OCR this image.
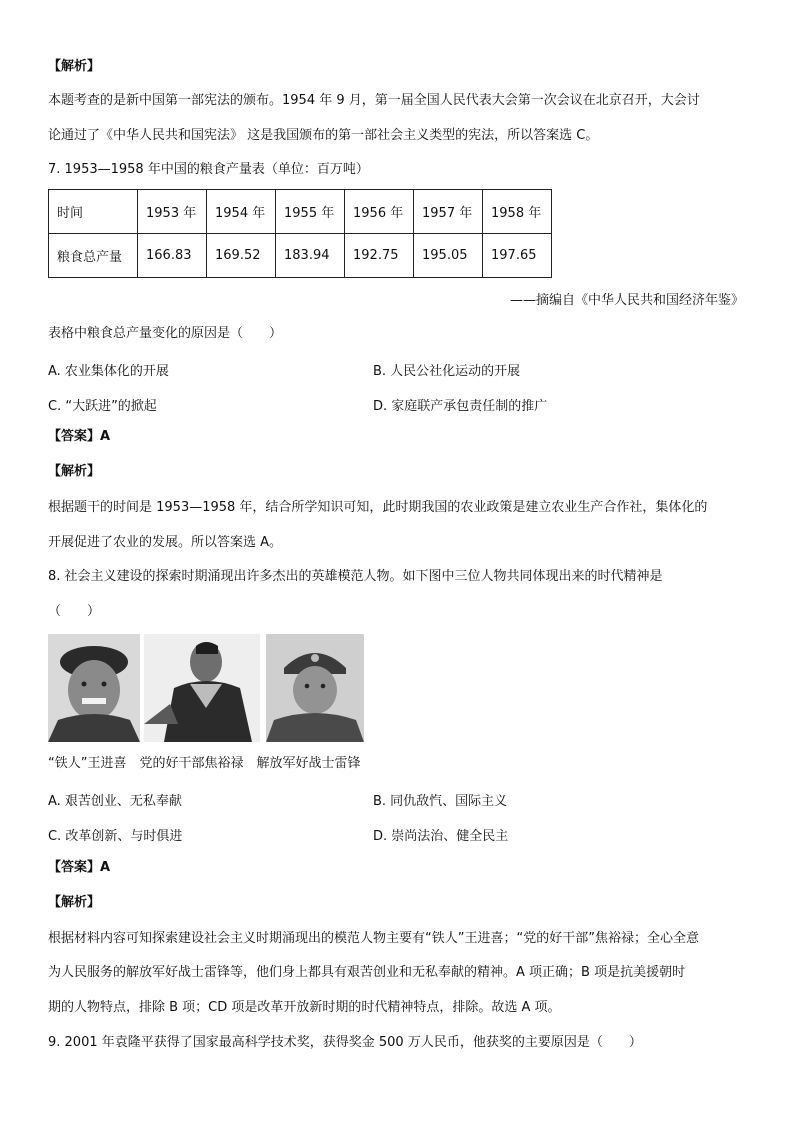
【解析】
本题考查的是新中国第一部宪法的颁布。1954 年 9 月，第一届全国人民代表大会第一次会议在北京召开，大会讨
论通过了《中华人民共和国宪法》 这是我国颁布的第一部社会主义类型的宪法，所以答案选 C。
7. 1953—1958 年中国的粮食产量表（单位：百万吨）
时间	1953 年	1954 年	1955 年	1956 年	1957 年	1958 年
粮食总产量	166.83	169.52	183.94	192.75	195.05	197.65
——摘编自《中华人民共和国经济年鉴》
表格中粮食总产量变化的原因是（　　）
A. 农业集体化的开展	B. 人民公社化运动的开展
C. “大跃进”的掀起	D. 家庭联产承包责任制的推广
【答案】A
【解析】
根据题干的时间是 1953—1958 年，结合所学知识可知，此时期我国的农业政策是建立农业生产合作社，集体化的
开展促进了农业的发展。所以答案选 A。
8. 社会主义建设的探索时期涌现出许多杰出的英雄模范人物。如下图中三位人物共同体现出来的时代精神是
（　　）
“铁人”王进喜　党的好干部焦裕禄　解放军好战士雷锋
A. 艰苦创业、无私奉献	B. 同仇敌忾、国际主义
C. 改革创新、与时俱进	D. 崇尚法治、健全民主
【答案】A
【解析】
根据材料内容可知探索建设社会主义时期涌现出的模范人物主要有“铁人”王进喜；“党的好干部”焦裕禄；全心全意
为人民服务的解放军好战士雷锋等，他们身上都具有艰苦创业和无私奉献的精神。A 项正确；B 项是抗美援朝时
期的人物特点，排除 B 项；CD 项是改革开放新时期的时代精神特点，排除。故选 A 项。
9. 2001 年袁隆平获得了国家最高科学技术奖，获得奖金 500 万人民币，他获奖的主要原因是（　　）
